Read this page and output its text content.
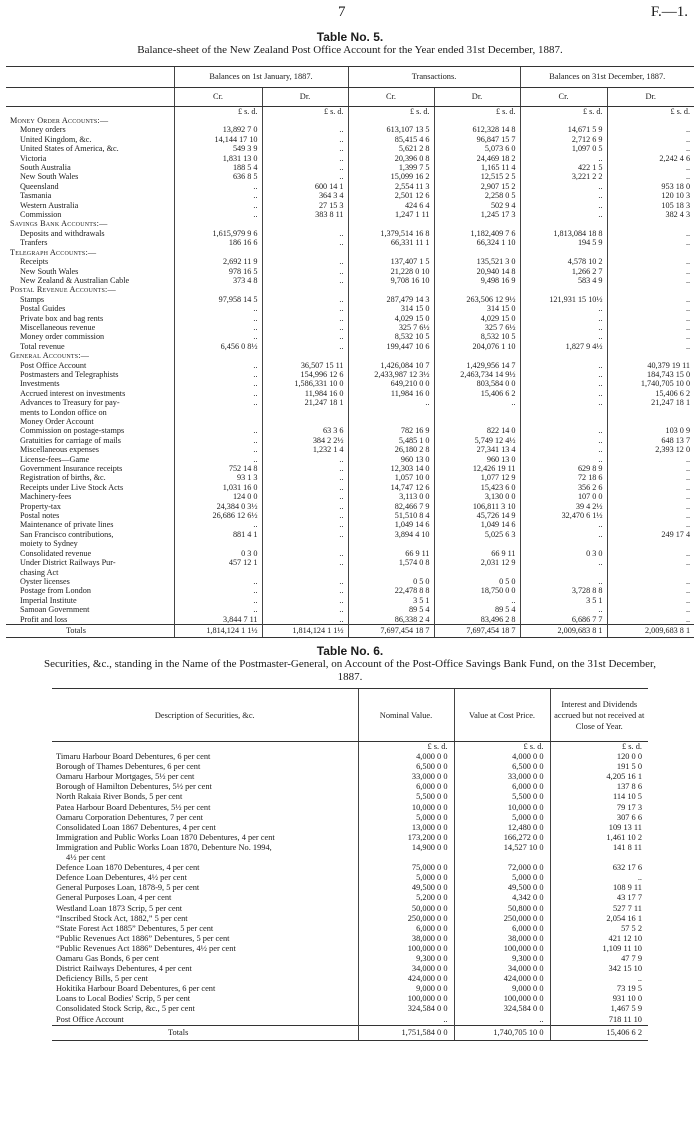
7	F.—1.
Table No. 5.
Balance-sheet of the New Zealand Post Office Account for the Year ended 31st December, 1887.
	Balances on 1st January, 1887.		Transactions.		Balances on 31st December, 1887.	
	Cr.	Dr.	Cr.	Dr.	Cr.	Dr.
	£ s. d.	£ s. d.	£ s. d.	£ s. d.	£ s. d.	£ s. d.
Money Order Accounts:—						
Money orders	13,892 7 0	..	613,107 13 5	612,328 14 8	14,671 5 9	..
United Kingdom, &c.	14,144 17 10	..	85,415 4 6	96,847 15 7	2,712 6 9	..
United States of America, &c.	549 3 9	..	5,621 2 8	5,073 6 0	1,097 0 5	..
Victoria	1,831 13 0	..	20,396 0 8	24,469 18 2	..	2,242 4 6
South Australia	188 5 4	..	1,399 7 5	1,165 11 4	422 1 5	..
New South Wales	636 8 5	..	15,099 16 2	12,515 2 5	3,221 2 2	..
Queensland	..	600 14 1	2,554 11 3	2,907 15 2	..	953 18 0
Tasmania	..	364 3 4	2,501 12 6	2,258 0 5	..	120 10 3
Western Australia	..	27 15 3	424 6 4	502 9 4	..	105 18 3
Commission	..	383 8 11	1,247 1 11	1,245 17 3	..	382 4 3
Savings Bank Accounts:—						
Deposits and withdrawals	1,615,979 9 6	..	1,379,514 16 8	1,182,409 7 6	1,813,084 18 8	..
Tranfers	186 16 6	..	66,331 11 1	66,324 1 10	194 5 9	..
Telegraph Accounts:—						
Receipts	2,692 11 9	..	137,407 1 5	135,521 3 0	4,578 10 2	..
New South Wales	978 16 5	..	21,228 0 10	20,940 14 8	1,266 2 7	..
New Zealand & Australian Cable	373 4 8	..	9,708 16 10	9,498 16 9	583 4 9	..
Postal Revenue Accounts:—						
Stamps	97,958 14 5	..	287,479 14 3	263,506 12 9½	121,931 15 10½	..
Postal Guides	..	..	314 15 0	314 15 0	..	..
Private box and bag rents	..	..	4,029 15 0	4,029 15 0	..	..
Miscellaneous revenue	..	..	325 7 6½	325 7 6½	..	..
Money order commission	..	..	8,532 10 5	8,532 10 5	..	..
Total revenue	6,456 0 8½	..	199,447 10 6	204,076 1 10	1,827 9 4½	..
General Accounts:—						
Post Office Account	..	36,507 15 11	1,426,084 10 7	1,429,956 14 7	..	40,379 19 11
Postmasters and Telegraphists	..	154,996 12 6	2,433,987 12 3½	2,463,734 14 9½	..	184,743 15 0
Investments	..	1,586,331 10 0	649,210 0 0	803,584 0 0	..	1,740,705 10 0
Accrued interest on investments	..	11,984 16 0	11,984 16 0	15,406 6 2	..	15,406 6 2
Advances to Treasury for pay-	..	21,247 18 1	..	..	..	21,247 18 1
ments to London office on						
Money Order Account						
Commission on postage-stamps	..	63 3 6	782 16 9	822 14 0	..	103 0 9
Gratuities for carriage of mails	..	384 2 2½	5,485 1 0	5,749 12 4½	..	648 13 7
Miscellaneous expenses	..	1,232 1 4	26,180 2 8	27,341 13 4	..	2,393 12 0
License-fees—Game	..	..	960 13 0	960 13 0	..	..
Government Insurance receipts	752 14 8	..	12,303 14 0	12,426 19 11	629 8 9	..
Registration of births, &c.	93 1 3	..	1,057 10 0	1,077 12 9	72 18 6	..
Receipts under Live Stock Acts	1,031 16 0	..	14,747 12 6	15,423 6 0	356 2 6	..
Machinery-fees	124 0 0	..	3,113 0 0	3,130 0 0	107 0 0	..
Property-tax	24,384 0 3½	..	82,466 7 9	106,811 3 10	39 4 2½	..
Postal notes	26,686 12 6½	..	51,510 8 4	45,726 14 9	32,470 6 1½	..
Maintenance of private lines	..	..	1,049 14 6	1,049 14 6	..	..
San Francisco contributions,	881 4 1	..	3,894 4 10	5,025 6 3	..	249 17 4
moiety to Sydney						
Consolidated revenue	0 3 0	..	66 9 11	66 9 11	0 3 0	..
Under District Railways Pur-	457 12 1	..	1,574 0 8	2,031 12 9	..	..
chasing Act						
Oyster licenses	..	..	0 5 0	0 5 0	..	..
Postage from London	..	..	22,478 8 8	18,750 0 0	3,728 8 8	..
Imperial Institute	..	..	3 5 1	..	3 5 1	..
Samoan Government	..	..	89 5 4	89 5 4	..	..
Profit and loss	3,844 7 11	..	86,338 2 4	83,496 2 8	6,686 7 7	..
Totals	1,814,124 1 1½	1,814,124 1 1½	7,697,454 18 7	7,697,454 18 7	2,009,683 8 1	2,009,683 8 1
Table No. 6.
Description of Securities, &c.	Nominal Value.	Value at Cost Price.	Interest and Dividends accrued but not received at Close of Year.
	£ s. d.	£ s. d.	£ s. d.
Timaru Harbour Board Debentures, 6 per cent	4,000 0 0	4,000 0 0	120 0 0
Borough of Thames Debentures, 6 per cent	6,500 0 0	6,500 0 0	191 5 0
Oamaru Harbour Mortgages, 5½ per cent	33,000 0 0	33,000 0 0	4,205 16 1
Borough of Hamilton Debentures, 5½ per cent	6,000 0 0	6,000 0 0	137 8 6
North Rakaia River Bonds, 5 per cent	5,500 0 0	5,500 0 0	114 10 5
Patea Harbour Board Debentures, 5½ per cent	10,000 0 0	10,000 0 0	79 17 3
Oamaru Corporation Debentures, 7 per cent	5,000 0 0	5,000 0 0	307 6 6
Consolidated Loan 1867 Debentures, 4 per cent	13,000 0 0	12,480 0 0	109 13 11
Immigration and Public Works Loan 1870 Debentures, 4 per cent	173,200 0 0	166,272 0 0	1,461 10 2
Immigration and Public Works Loan 1870, Debenture No. 1994,	14,900 0 0	14,527 10 0	141 8 11
4½ per cent			
Defence Loan 1870 Debentures, 4 per cent	75,000 0 0	72,000 0 0	632 17 6
Defence Loan Debentures, 4½ per cent	5,000 0 0	5,000 0 0	..
General Purposes Loan, 1878-9, 5 per cent	49,500 0 0	49,500 0 0	108 9 11
General Purposes Loan, 4 per cent	5,200 0 0	4,342 0 0	43 17 7
Westland Loan 1873 Scrip, 5 per cent	50,000 0 0	50,800 0 0	527 7 11
“Inscribed Stock Act, 1882,” 5 per cent	250,000 0 0	250,000 0 0	2,054 16 1
“State Forest Act 1885” Debentures, 5 per cent	6,000 0 0	6,000 0 0	57 5 2
“Public Revenues Act 1886” Debentures, 5 per cent	38,000 0 0	38,000 0 0	421 12 10
“Public Revenues Act 1886” Debentures, 4½ per cent	100,000 0 0	100,000 0 0	1,109 11 10
Oamaru Gas Bonds, 6 per cent	9,300 0 0	9,300 0 0	47 7 9
District Railways Debentures, 4 per cent	34,000 0 0	34,000 0 0	342 15 10
Deficiency Bills, 5 per cent	424,000 0 0	424,000 0 0	..
Hokitika Harbour Board Debentures, 6 per cent	9,000 0 0	9,000 0 0	73 19 5
Loans to Local Bodies' Scrip, 5 per cent	100,000 0 0	100,000 0 0	931 10 0
Consolidated Stock Scrip, &c., 5 per cent	324,584 0 0	324,584 0 0	1,467 5 9
Post Office Account	..	..	718 11 10
Totals	1,751,584 0 0	1,740,705 10 0	15,406 6 2
Securities, &c., standing in the Name of the Postmaster-General, on Account of the Post-Office Savings Bank Fund, on the 31st December, 1887.
